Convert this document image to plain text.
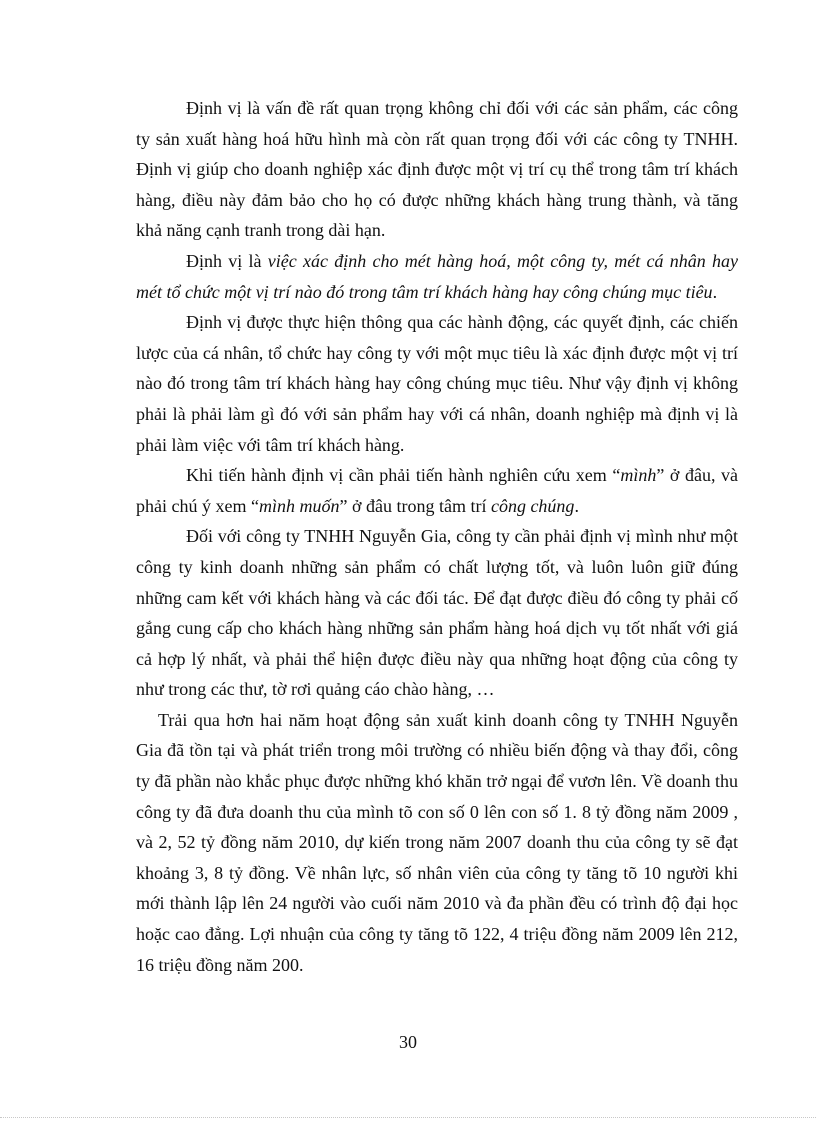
Định vị là vấn đề rất quan trọng không chỉ đối với các sản phẩm, các công ty sản xuất hàng hoá hữu hình mà còn rất quan trọng đối với các công ty TNHH. Định vị giúp cho doanh nghiệp xác định được một vị trí cụ thể trong tâm trí khách hàng, điều này đảm bảo cho họ có được những khách hàng trung thành, và tăng khả năng cạnh tranh trong dài hạn.

Định vị là việc xác định cho mét hàng hoá, một công ty, mét cá nhân hay mét tổ chức một vị trí nào đó trong tâm trí khách hàng hay công chúng mục tiêu.

Định vị được thực hiện thông qua các hành động, các quyết định, các chiến lược của cá nhân, tổ chức hay công ty với một mục tiêu là xác định được một vị trí nào đó trong tâm trí khách hàng hay công chúng mục tiêu. Như vậy định vị không phải là phải làm gì đó với sản phẩm hay với cá nhân, doanh nghiệp mà định vị là phải làm việc với tâm trí khách hàng.

Khi tiến hành định vị cần phải tiến hành nghiên cứu xem “mình” ở đâu, và phải chú ý xem “mình muốn” ở đâu trong tâm trí công chúng.

Đối với công ty TNHH Nguyễn Gia, công ty cần phải định vị mình như một công ty kinh doanh những sản phẩm có chất lượng tốt, và luôn luôn giữ đúng những cam kết với khách hàng và các đối tác. Để đạt được điều đó công ty phải cố gắng cung cấp cho khách hàng những sản phẩm hàng hoá dịch vụ tốt nhất với giá cả hợp lý nhất, và phải thể hiện được điều này qua những hoạt động của công ty như trong các thư, tờ rơi quảng cáo chào hàng, …

Trải qua hơn hai năm hoạt động sản xuất kinh doanh công ty TNHH Nguyễn Gia đã tồn tại và phát triển trong môi trường có nhiều biến động và thay đổi, công ty đã phần nào khắc phục được những khó khăn trở ngại để vươn lên. Về doanh thu công ty đã đưa doanh thu của mình tõ con số 0 lên con số 1. 8 tỷ đồng năm 2009 , và 2, 52 tỷ đồng năm 2010, dự kiến trong năm 2007 doanh thu của công ty sẽ đạt khoảng 3, 8 tỷ đồng. Về nhân lực, số nhân viên của công ty tăng tõ 10 người khi mới thành lập lên 24 người vào cuối năm 2010 và đa phần đều có trình độ đại học hoặc cao đẳng. Lợi nhuận của công ty tăng tõ 122, 4 triệu đồng năm 2009 lên 212, 16 triệu đồng năm 200.

30
